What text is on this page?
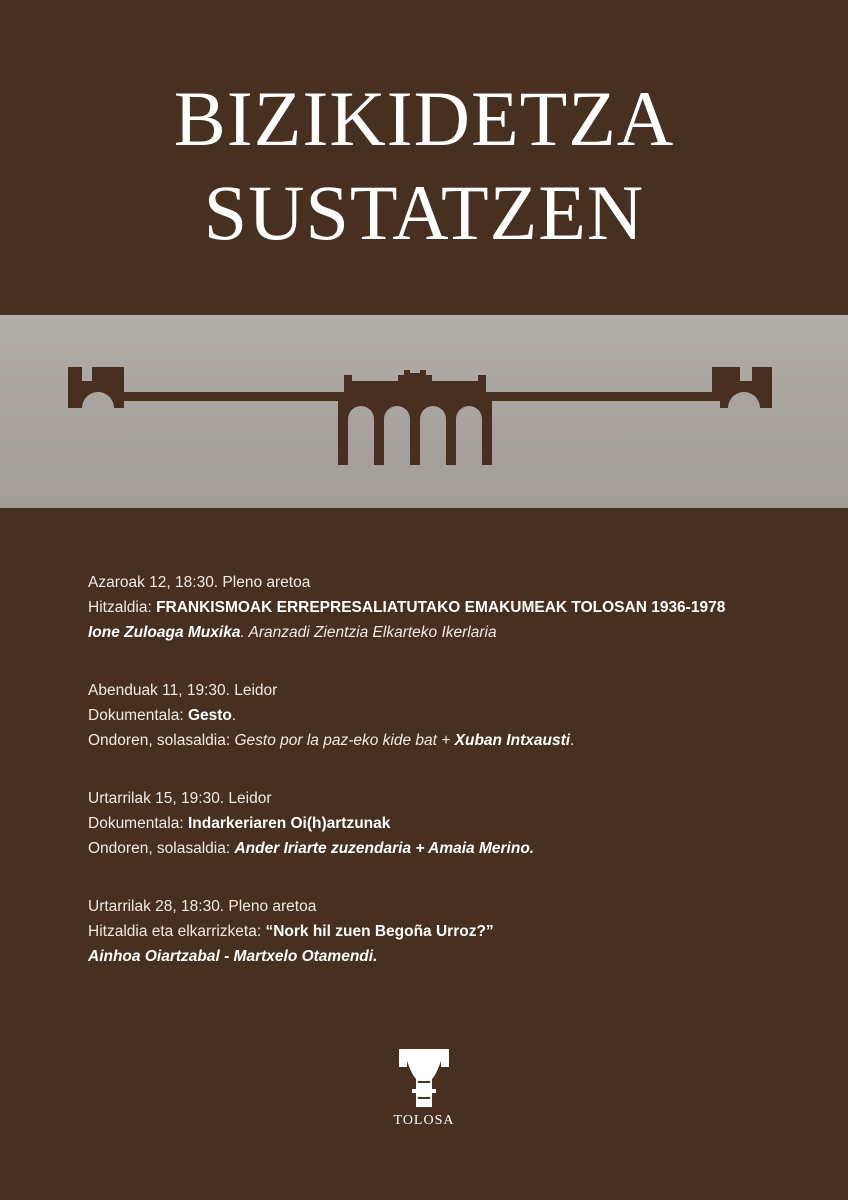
BIZIKIDETZA
SUSTATZEN
Azaroak 12, 18:30. Pleno aretoa
Hitzaldia: FRANKISMOAK ERREPRESALIATUTAKO EMAKUMEAK TOLOSAN 1936-1978
Ione Zuloaga Muxika. Aranzadi Zientzia Elkarteko Ikerlaria
Abenduak 11, 19:30. Leidor
Dokumentala: Gesto.
Ondoren, solasaldia: Gesto por la paz-eko kide bat + Xuban Intxausti.
Urtarrilak 15, 19:30. Leidor
Dokumentala: Indarkeriaren Oi(h)artzunak
Ondoren, solasaldia: Ander Iriarte zuzendaria + Amaia Merino.
Urtarrilak 28, 18:30. Pleno aretoa
Hitzaldia eta elkarrizketa: “Nork hil zuen Begoña Urroz?”
Ainhoa Oiartzabal - Martxelo Otamendi.
TOLOSA
